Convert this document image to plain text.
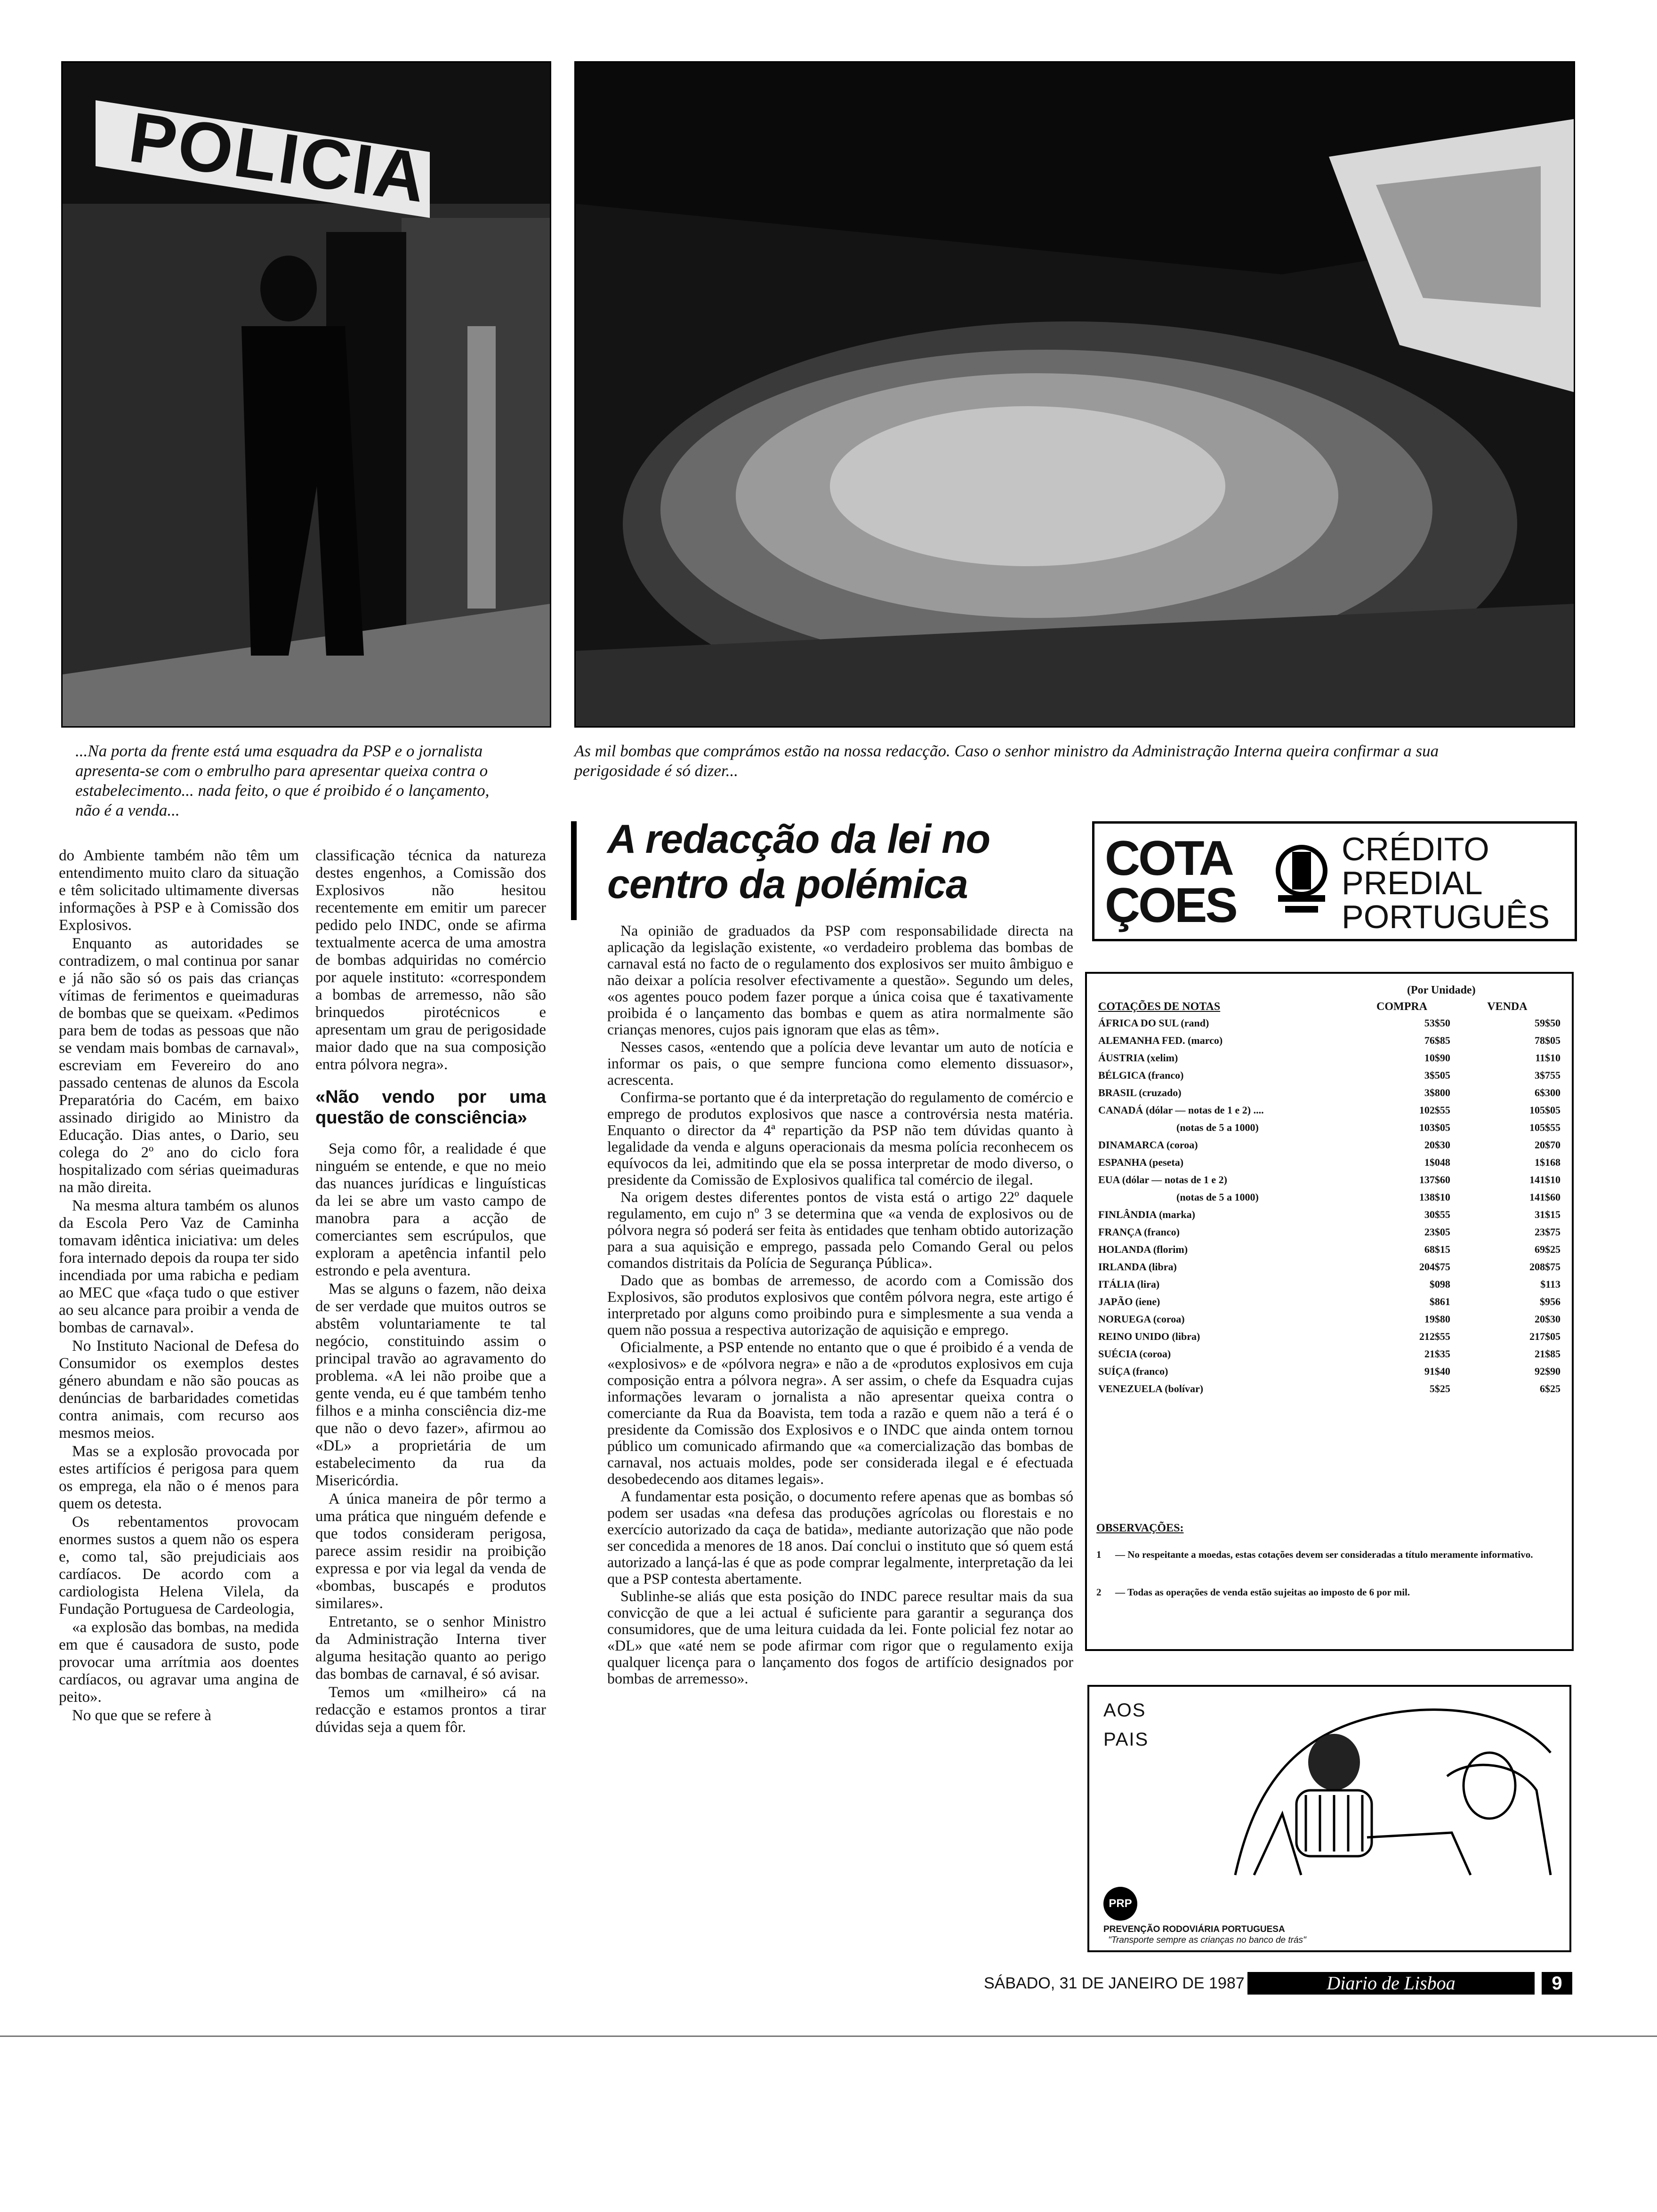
POLICIA
...Na porta da frente está uma esquadra da PSP e o jornalista apresenta-se com o embrulho para apresentar queixa contra o estabelecimento... nada feito, o que é proibido é o lançamento, não é a venda...
As mil bombas que comprámos estão na nossa redacção. Caso o senhor ministro da Administração Interna queira confirmar a sua perigosidade é só dizer...

do Ambiente também não têm um entendimento muito claro da situação e têm solicitado ultimamente diversas informações à PSP e à Comissão dos Explosivos.

Enquanto as autoridades se contradizem, o mal continua por sanar e já não são só os pais das crianças vítimas de ferimentos e queimaduras de bombas que se queixam. «Pedimos para bem de todas as pessoas que não se vendam mais bombas de carnaval», escreviam em Fevereiro do ano passado centenas de alunos da Escola Preparatória do Cacém, em baixo assinado dirigido ao Ministro da Educação. Dias antes, o Dario, seu colega do 2º ano do ciclo fora hospitalizado com sérias queimaduras na mão direita.

Na mesma altura também os alunos da Escola Pero Vaz de Caminha tomavam idêntica iniciativa: um deles fora internado depois da roupa ter sido incendiada por uma rabicha e pediam ao MEC que «faça tudo o que estiver ao seu alcance para proibir a venda de bombas de carnaval».

No Instituto Nacional de Defesa do Consumidor os exemplos destes género abundam e não são poucas as denúncias de barbaridades cometidas contra animais, com recurso aos mesmos meios.

Mas se a explosão provocada por estes artifícios é perigosa para quem os emprega, ela não o é menos para quem os detesta.

Os rebentamentos provocam enormes sustos a quem não os espera e, como tal, são prejudiciais aos cardíacos. De acordo com a cardiologista Helena Vilela, da Fundação Portuguesa de Cardeologia,

«a explosão das bombas, na medida em que é causadora de susto, pode provocar uma arrítmia aos doentes cardíacos, ou agravar uma angina de peito».

No que que se refere à

classificação técnica da natureza destes engenhos, a Comissão dos Explosivos não hesitou recentemente em emitir um parecer pedido pelo INDC, onde se afirma textualmente acerca de uma amostra de bombas adquiridas no comércio por aquele instituto: «correspondem a bombas de arremesso, não são brinquedos pirotécnicos e apresentam um grau de perigosidade maior dado que na sua composição entra pólvora negra».

«Não vendo por uma questão de consciência»

Seja como fôr, a realidade é que ninguém se entende, e que no meio das nuances jurídicas e linguísticas da lei se abre um vasto campo de manobra para a acção de comerciantes sem escrúpulos, que exploram a apetência infantil pelo estrondo e pela aventura.

Mas se alguns o fazem, não deixa de ser verdade que muitos outros se abstêm voluntariamente te tal negócio, constituindo assim o principal travão ao agravamento do problema. «A lei não proibe que a gente venda, eu é que também tenho filhos e a minha consciência diz-me que não o devo fazer», afirmou ao «DL» a proprietária de um estabelecimento da rua da Misericórdia.

A única maneira de pôr termo a uma prática que ninguém defende e que todos consideram perigosa, parece assim residir na proibição expressa e por via legal da venda de «bombas, buscapés e produtos similares».

Entretanto, se o senhor Ministro da Administração Interna tiver alguma hesitação quanto ao perigo das bombas de carnaval, é só avisar.

Temos um «milheiro» cá na redacção e estamos prontos a tirar dúvidas seja a quem fôr.

A redacção da lei no centro da polémica

Na opinião de graduados da PSP com responsabilidade directa na aplicação da legislação existente, «o verdadeiro problema das bombas de carnaval está no facto de o regulamento dos explosivos ser muito âmbiguo e não deixar a polícia resolver efectivamente a questão». Segundo um deles, «os agentes pouco podem fazer porque a única coisa que é taxativamente proibida é o lançamento das bombas e quem as atira normalmente são crianças menores, cujos pais ignoram que elas as têm».

Nesses casos, «entendo que a polícia deve levantar um auto de notícia e informar os pais, o que sempre funciona como elemento dissuasor», acrescenta.

Confirma-se portanto que é da interpretação do regulamento de comércio e emprego de produtos explosivos que nasce a controvérsia nesta matéria. Enquanto o director da 4ª repartição da PSP não tem dúvidas quanto à legalidade da venda e alguns operacionais da mesma polícia reconhecem os equívocos da lei, admitindo que ela se possa interpretar de modo diverso, o presidente da Comissão de Explosivos qualifica tal comércio de ilegal.

Na origem destes diferentes pontos de vista está o artigo 22º daquele regulamento, em cujo nº 3 se determina que «a venda de explosivos ou de pólvora negra só poderá ser feita às entidades que tenham obtido autorização para a sua aquisição e emprego, passada pelo Comando Geral ou pelos comandos distritais da Polícia de Segurança Pública».

Dado que as bombas de arremesso, de acordo com a Comissão dos Explosivos, são produtos explosivos que contêm pólvora negra, este artigo é interpretado por alguns como proibindo pura e simplesmente a sua venda a quem não possua a respectiva autorização de aquisição e emprego.

Oficialmente, a PSP entende no entanto que o que é proibido é a venda de «explosivos» e de «pólvora negra» e não a de «produtos explosivos em cuja composição entra a pólvora negra». A ser assim, o chefe da Esquadra cujas informações levaram o jornalista a não apresentar queixa contra o comerciante da Rua da Boavista, tem toda a razão e quem não a terá é o presidente da Comissão dos Explosivos e o INDC que ainda ontem tornou público um comunicado afirmando que «a comercialização das bombas de carnaval, nos actuais moldes, pode ser considerada ilegal e é efectuada desobedecendo aos ditames legais».

A fundamentar esta posição, o documento refere apenas que as bombas só podem ser usadas «na defesa das produções agrícolas ou florestais e no exercício autorizado da caça de batida», mediante autorização que não pode ser concedida a menores de 18 anos. Daí conclui o instituto que só quem está autorizado a lançá-las é que as pode comprar legalmente, interpretação da lei que a PSP contesta abertamente.

Sublinhe-se aliás que esta posição do INDC parece resultar mais da sua convicção de que a lei actual é suficiente para garantir a segurança dos consumidores, que de uma leitura cuidada da lei. Fonte policial fez notar ao «DL» que «até nem se pode afirmar com rigor que o regulamento exija qualquer licença para o lançamento dos fogos de artifício designados por bombas de arremesso».

COTA
ÇOES
CRÉDITO
PREDIAL
PORTUGUÊS
(Por Unidade)
COTAÇÕES DE NOTAS	COMPRA	VENDA
ÁFRICA DO SUL (rand)	53$50	59$50
ALEMANHA FED. (marco)	76$85	78$05
ÁUSTRIA (xelim)	10$90	11$10
BÉLGICA (franco)	3$505	3$755
BRASIL (cruzado)	3$800	6$300
CANADÁ (dólar — notas de 1 e 2) ....	102$55	105$05
(notas de 5 a 1000)	103$05	105$55
DINAMARCA (coroa)	20$30	20$70
ESPANHA (peseta)	1$048	1$168
EUA (dólar — notas de 1 e 2)	137$60	141$10
(notas de 5 a 1000)	138$10	141$60
FINLÂNDIA (marka)	30$55	31$15
FRANÇA (franco)	23$05	23$75
HOLANDA (florim)	68$15	69$25
IRLANDA (libra)	204$75	208$75
ITÁLIA (lira)	$098	$113
JAPÃO (iene)	$861	$956
NORUEGA (coroa)	19$80	20$30
REINO UNIDO (libra)	212$55	217$05
SUÉCIA (coroa)	21$35	21$85
SUÍÇA (franco)	91$40	92$90
VENEZUELA (bolívar)	5$25	6$25
OBSERVAÇÕES:
1 — No respeitante a moedas, estas cotações devem ser consideradas a título meramente informativo.
2 — Todas as operações de venda estão sujeitas ao imposto de 6 por mil.
AOS
PAIS
PRP
PREVENÇÃO RODOVIÁRIA PORTUGUESA
"Transporte sempre as crianças no banco de trás"
SÁBADO, 31 DE JANEIRO DE 1987	Diario de Lisboa	9
